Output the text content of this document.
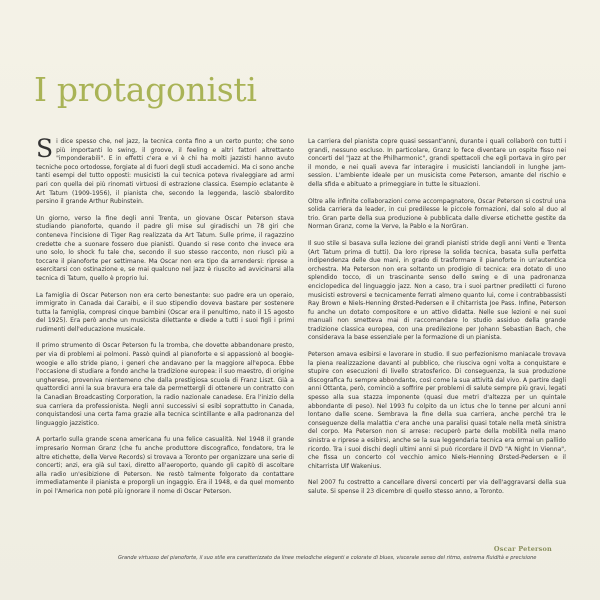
I protagonisti

Si dice spesso che, nel jazz, la tecnica conta fino a un certo punto; che sono più importanti lo swing, il groove, il feeling e altri fattori altrettanto "imponderabili". E in effetti c'era e vi è chi ha molti jazzisti hanno avuto tecniche poco ortodosse, forgiate al di fuori degli studi accademici. Ma ci sono anche tanti esempi del tutto opposti: musicisti la cui tecnica poteva rivaleggiare ad armi pari con quella dei più rinomati virtuosi di estrazione classica. Esempio eclatante è Art Tatum (1909-1956), il pianista che, secondo la leggenda, lasciò sbalordito persino il grande Arthur Rubinstein.

Un giorno, verso la fine degli anni Trenta, un giovane Oscar Peterson stava studiando pianoforte, quando il padre gli mise sul giradischi un 78 giri che conteneva l'incisione di Tiger Rag realizzata da Art Tatum. Sulle prime, il ragazzino credette che a suonare fossero due pianisti. Quando si rese conto che invece era uno solo, lo shock fu tale che, secondo il suo stesso racconto, non riuscì più a toccare il pianoforte per settimane. Ma Oscar non era tipo da arrendersi: riprese a esercitarsi con ostinazione e, se mai qualcuno nel jazz è riuscito ad avvicinarsi alla tecnica di Tatum, quello è proprio lui.

La famiglia di Oscar Peterson non era certo benestante: suo padre era un operaio, immigrato in Canada dai Caraibi, e il suo stipendio doveva bastare per sostenere tutta la famiglia, compresi cinque bambini (Oscar era il penultimo, nato il 15 agosto del 1925). Era però anche un musicista dilettante e diede a tutti i suoi figli i primi rudimenti dell'educazione musicale.

Il primo strumento di Oscar Peterson fu la tromba, che dovette abbandonare presto, per via di problemi ai polmoni. Passò quindi al pianoforte e si appassionò al boogie-woogie e allo stride piano, i generi che andavano per la maggiore all'epoca. Ebbe l'occasione di studiare a fondo anche la tradizione europea: il suo maestro, di origine ungherese, proveniva nientemeno che dalla prestigiosa scuola di Franz Liszt. Già a quattordici anni la sua bravura era tale da permettergli di ottenere un contratto con la Canadian Broadcasting Corporation, la radio nazionale canadese. Era l'inizio della sua carriera da professionista. Negli anni successivi si esibì soprattutto in Canada, conquistandosi una certa fama grazie alla tecnica scintillante e alla padronanza del linguaggio jazzistico.

A portarlo sulla grande scena americana fu una felice casualità. Nel 1948 il grande impresario Norman Granz (che fu anche produttore discografico, fondatore, tra le altre etichette, della Verve Records) si trovava a Toronto per organizzare una serie di concerti; anzi, era già sul taxi, diretto all'aeroporto, quando gli capitò di ascoltare alla radio un'esibizione di Peterson. Ne restò talmente folgorato da contattare immediatamente il pianista e proporgli un ingaggio. Era il 1948, e da quel momento in poi l'America non poté più ignorare il nome di Oscar Peterson.

La carriera del pianista copre quasi sessant'anni, durante i quali collaborò con tutti i grandi, nessuno escluso. In particolare, Granz lo fece diventare un ospite fisso nei concerti del "Jazz at the Philharmonic", grandi spettacoli che egli portava in giro per il mondo, e nei quali aveva far interagire i musicisti lanciandoli in lunghe jam-session. L'ambiente ideale per un musicista come Peterson, amante del rischio e della sfida e abituato a primeggiare in tutte le situazioni.

Oltre alle infinite collaborazioni come accompagnatore, Oscar Peterson si costruì una solida carriera da leader, in cui predilesse le piccole formazioni, dal solo al duo al trio. Gran parte della sua produzione è pubblicata dalle diverse etichette gestite da Norman Granz, come la Verve, la Pablo e la NorGran.

Il suo stile si basava sulla lezione dei grandi pianisti stride degli anni Venti e Trenta (Art Tatum prima di tutti). Da loro riprese la solida tecnica, basata sulla perfetta indipendenza delle due mani, in grado di trasformare il pianoforte in un'autentica orchestra. Ma Peterson non era soltanto un prodigio di tecnica: era dotato di uno splendido tocco, di un trascinante senso dello swing e di una padronanza enciclopedica del linguaggio jazz. Non a caso, tra i suoi partner prediletti ci furono musicisti estroversi e tecnicamente ferrati almeno quanto lui, come i contrabbassisti Ray Brown e Niels-Henning Ørsted-Pedersen e il chitarrista Joe Pass. Infine, Peterson fu anche un dotato compositore e un attivo didatta. Nelle sue lezioni e nei suoi manuali non smetteva mai di raccomandare lo studio assiduo della grande tradizione classica europea, con una predilezione per Johann Sebastian Bach, che considerava la base essenziale per la formazione di un pianista.

Peterson amava esibirsi e lavorare in studio. Il suo perfezionismo maniacale trovava la piena realizzazione davanti al pubblico, che riusciva ogni volta a conquistare e stupire con esecuzioni di livello stratosferico. Di conseguenza, la sua produzione discografica fu sempre abbondante, così come la sua attività dal vivo. A partire dagli anni Ottanta, però, cominciò a soffrire per problemi di salute sempre più gravi, legati spesso alla sua stazza imponente (quasi due metri d'altezza per un quintale abbondante di peso). Nel 1993 fu colpito da un ictus che lo tenne per alcuni anni lontano dalle scene. Sembrava la fine della sua carriera, anche perché tra le conseguenze della malattia c'era anche una paralisi quasi totale nella metà sinistra del corpo. Ma Peterson non si arrese: recuperò parte della mobilità nella mano sinistra e riprese a esibirsi, anche se la sua leggendaria tecnica era ormai un pallido ricordo. Tra i suoi dischi degli ultimi anni si può ricordare il DVD "A Night In Vienna", che fissa un concerto col vecchio amico Niels-Henning Ørsted-Pedersen e il chitarrista Ulf Wakenius.

Nel 2007 fu costretto a cancellare diversi concerti per via dell'aggravarsi della sua salute. Si spense il 23 dicembre di quello stesso anno, a Toronto.

Oscar Peterson
Grande virtuoso del pianoforte, il suo stile era caratterizzato da linee melodiche eleganti e colorate di blues, viscerale senso del ritmo, estrema fluidità e precisione
